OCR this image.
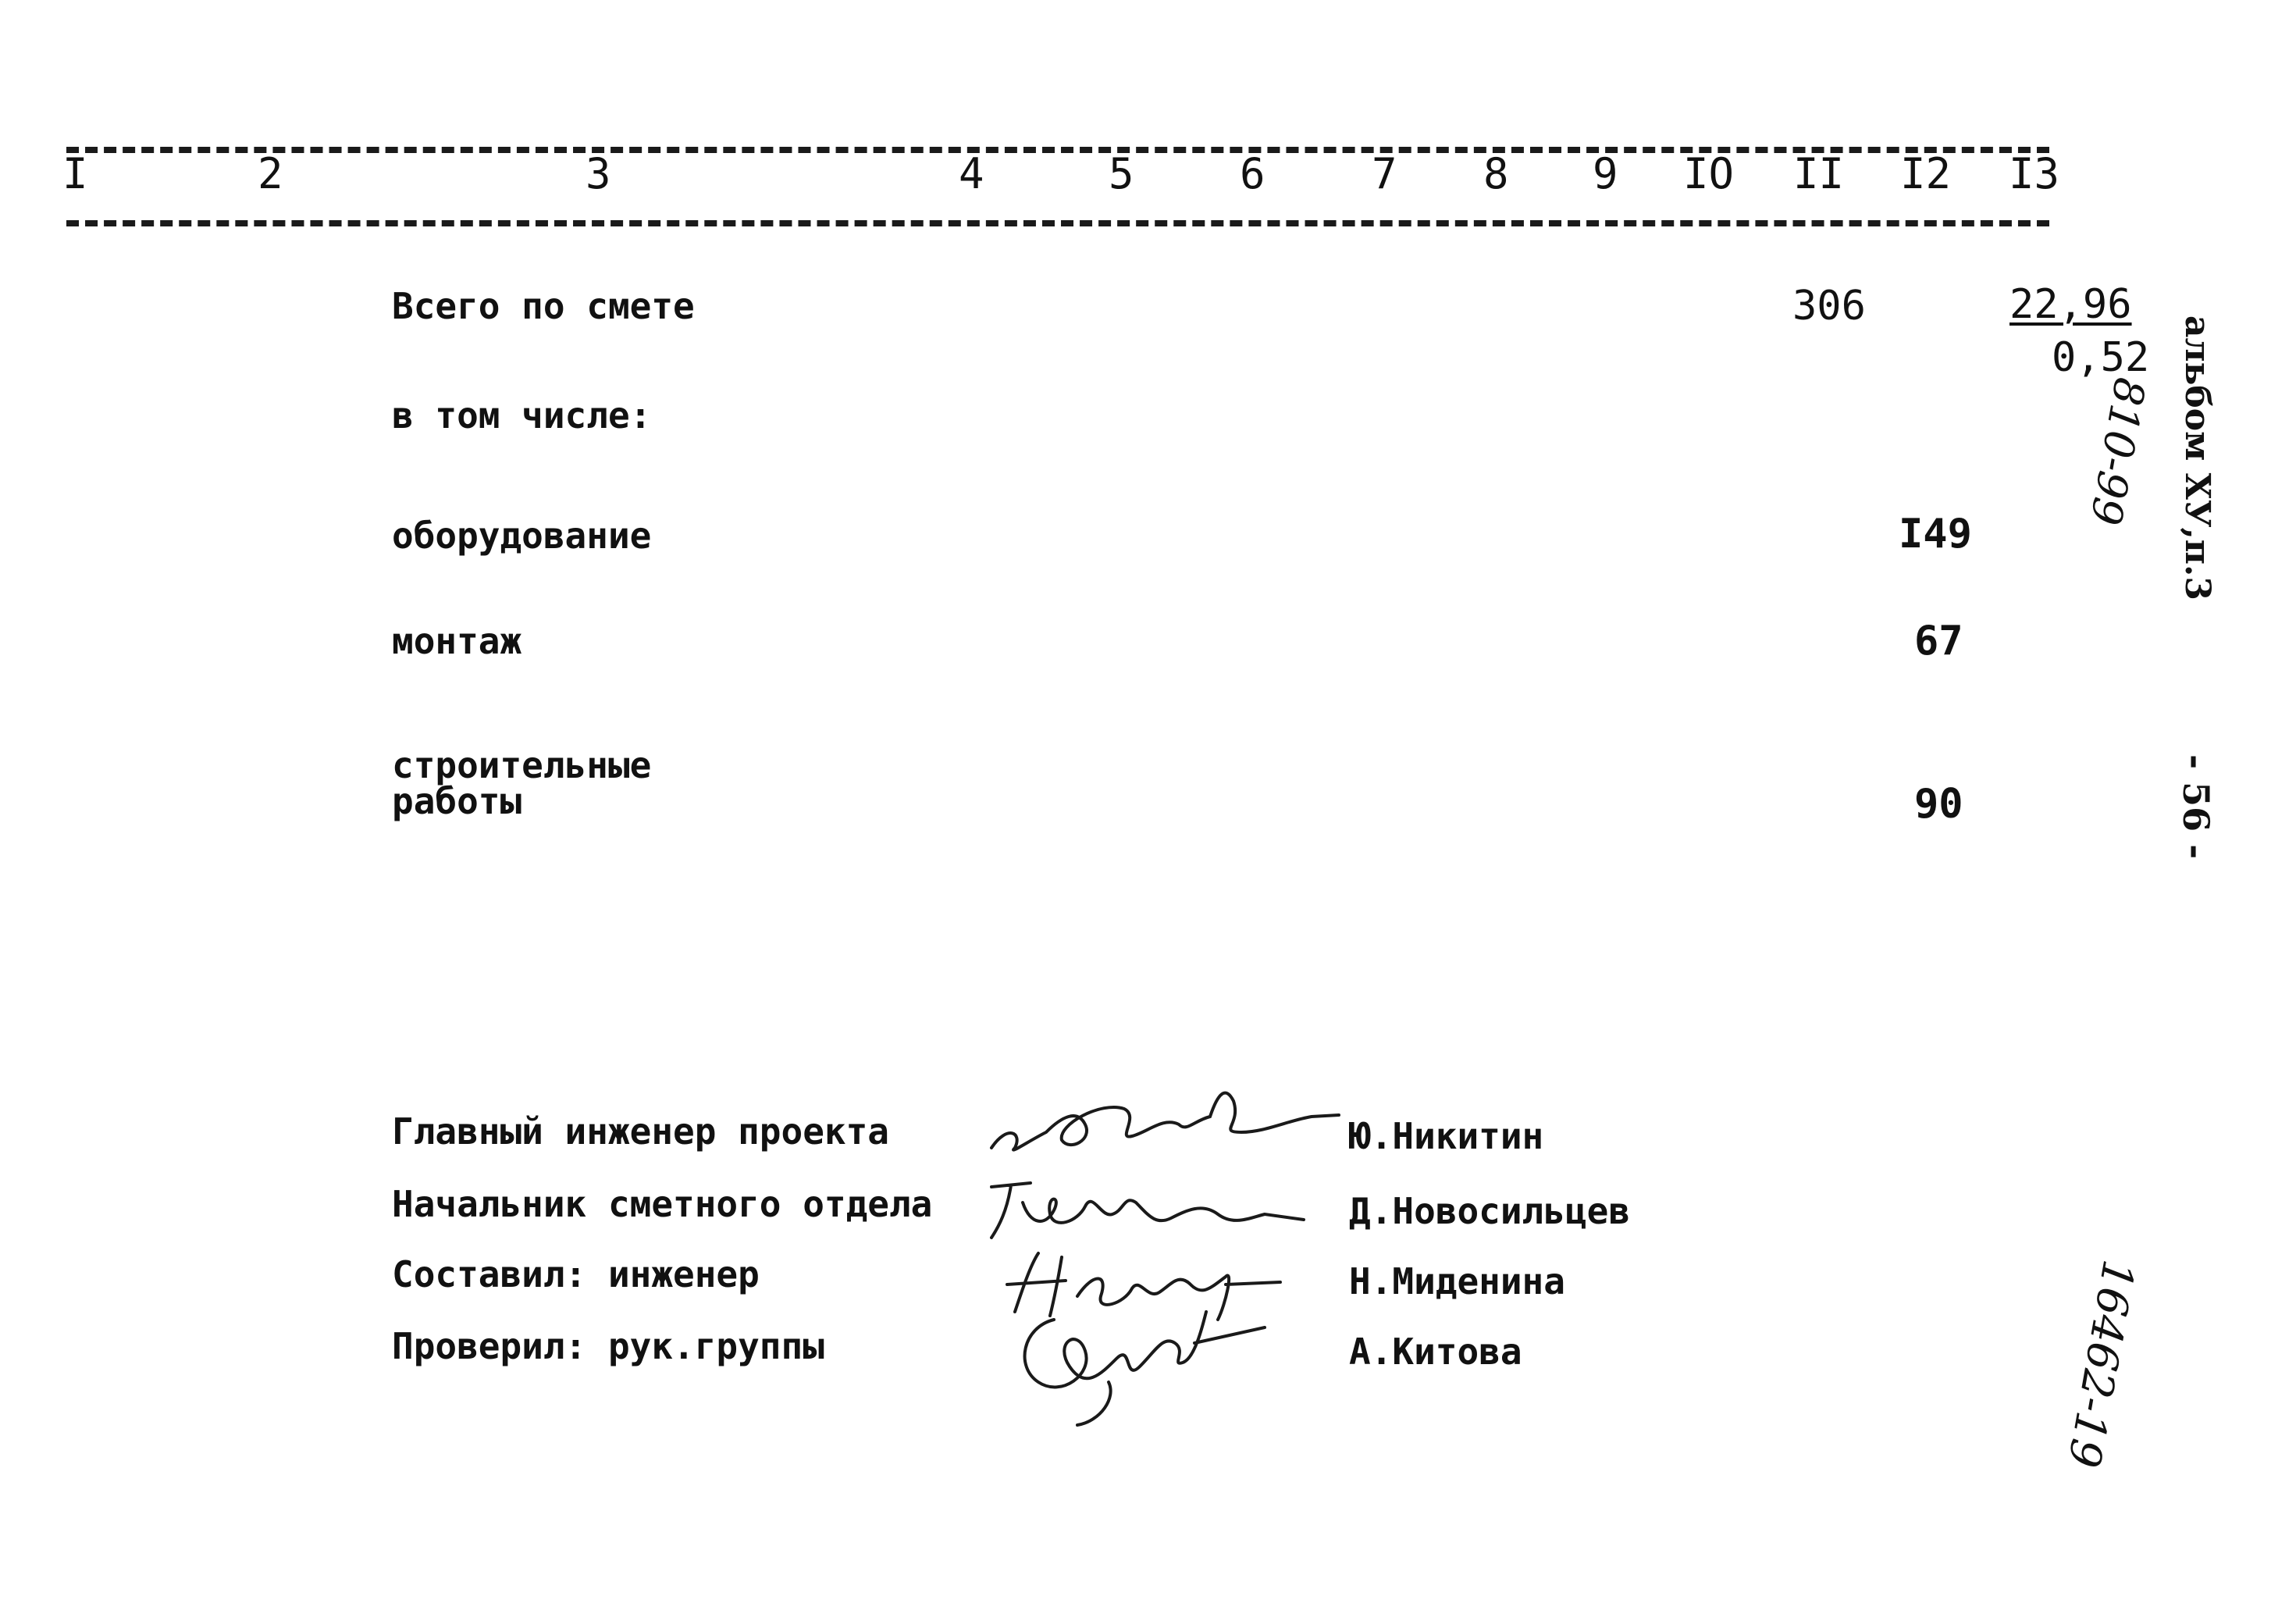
I	2	3	4	5	6	7 8 9 IO II I2 I3
Всего по смете	306	22,96
0,52
в том числе:
оборудование	I49
монтаж	67
строительные
работы	90
альбом ХУ,п.3
810-99
- 56 -
16462-19
Главный инженер проекта	Ю.Никитин
Начальник сметного отдела	Д.Новосильцев
Составил: инженер	Н.Миденина
Проверил: рук.группы	А.Китова
